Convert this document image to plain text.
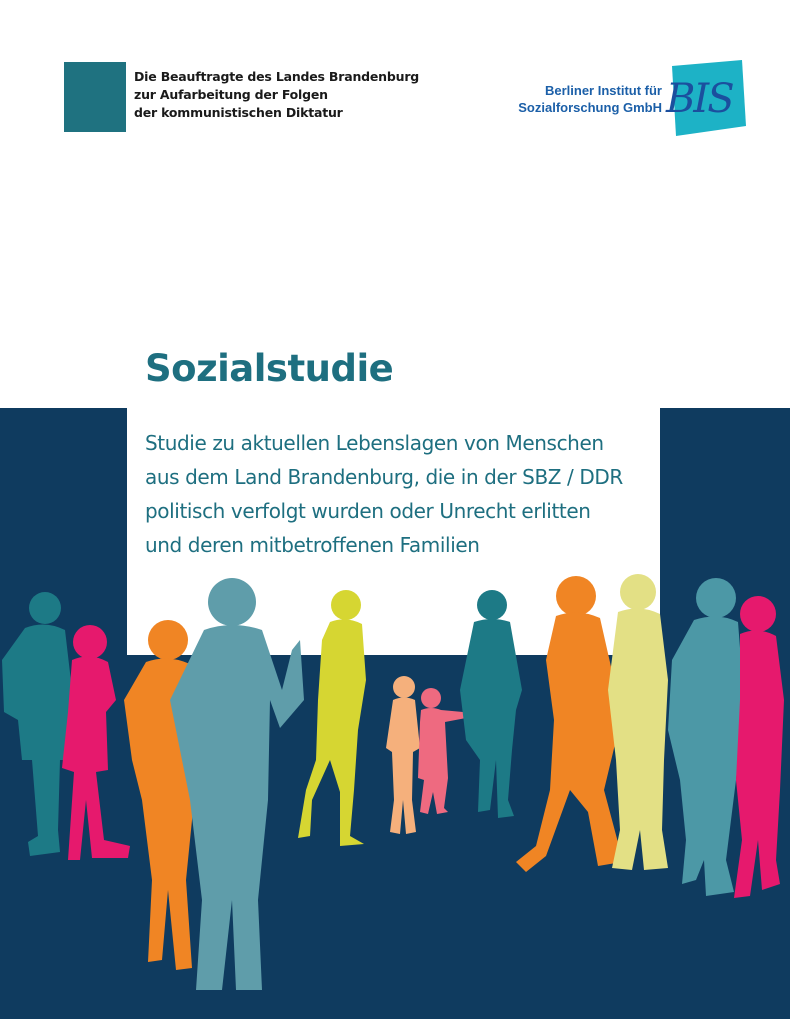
Die Beauftragte des Landes Brandenburg
zur Aufarbeitung der Folgen
der kommunistischen Diktatur
Berliner Institut für
Sozialforschung GmbH BIS
Sozialstudie
Studie zu aktuellen Lebenslagen von Menschen
aus dem Land Brandenburg, die in der SBZ / DDR
politisch verfolgt wurden oder Unrecht erlitten
und deren mitbetroffenen Familien
